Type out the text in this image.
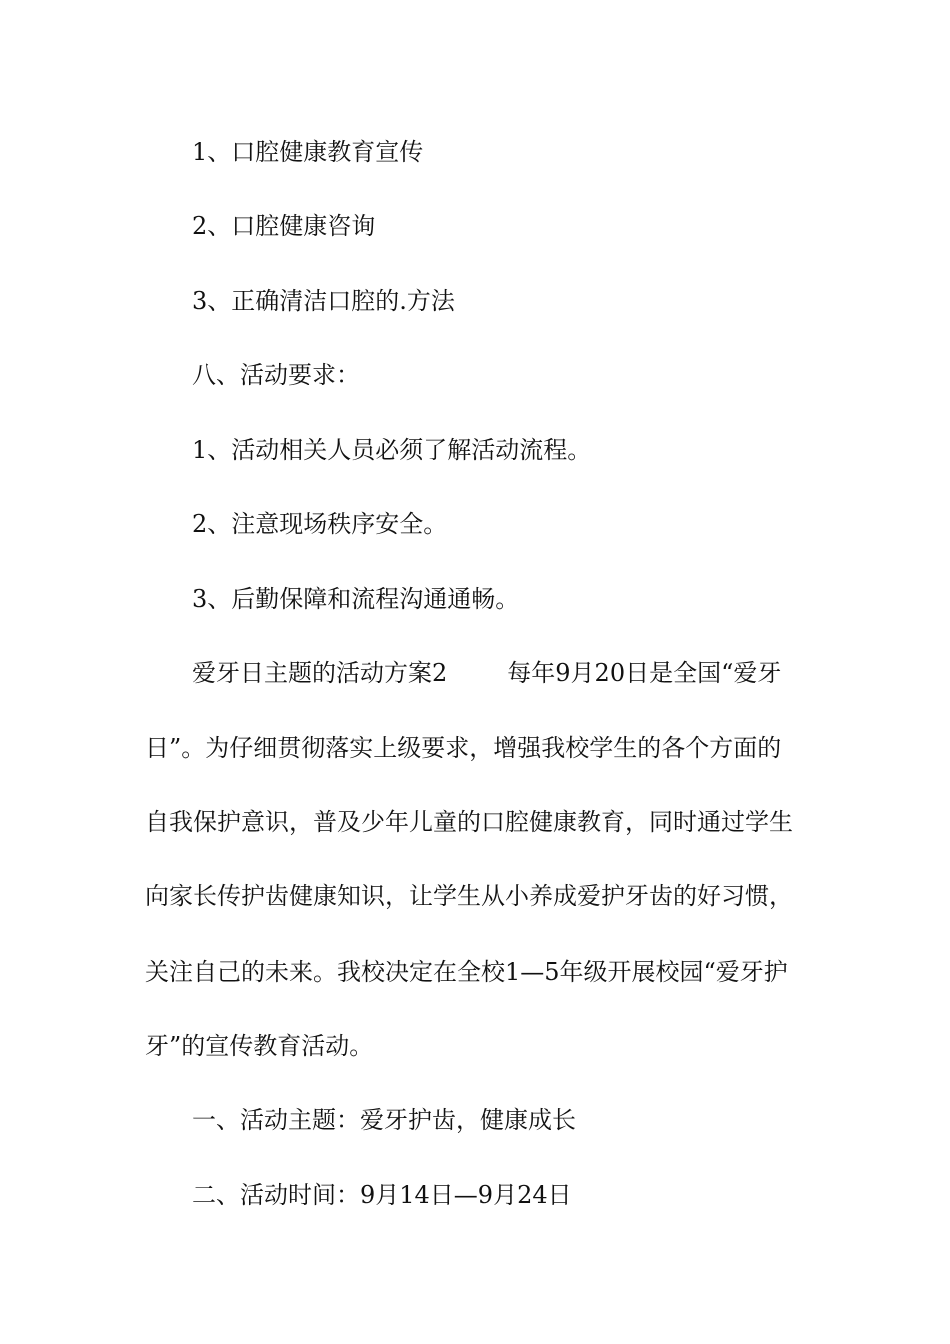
1、口腔健康教育宣传

2、口腔健康咨询

3、正确清洁口腔的.方法

八、活动要求：

1、活动相关人员必须了解活动流程。

2、注意现场秩序安全。

3、后勤保障和流程沟通通畅。

爱牙日主题的活动方案2	每年9月20日是全国“爱牙

日”。为仔细贯彻落实上级要求，增强我校学生的各个方面的

自我保护意识，普及少年儿童的口腔健康教育，同时通过学生

向家长传护齿健康知识，让学生从小养成爱护牙齿的好习惯，

关注自己的未来。我校决定在全校1—5年级开展校园“爱牙护

牙”的宣传教育活动。

一、活动主题：爱牙护齿，健康成长

二、活动时间：9月14日—9月24日
